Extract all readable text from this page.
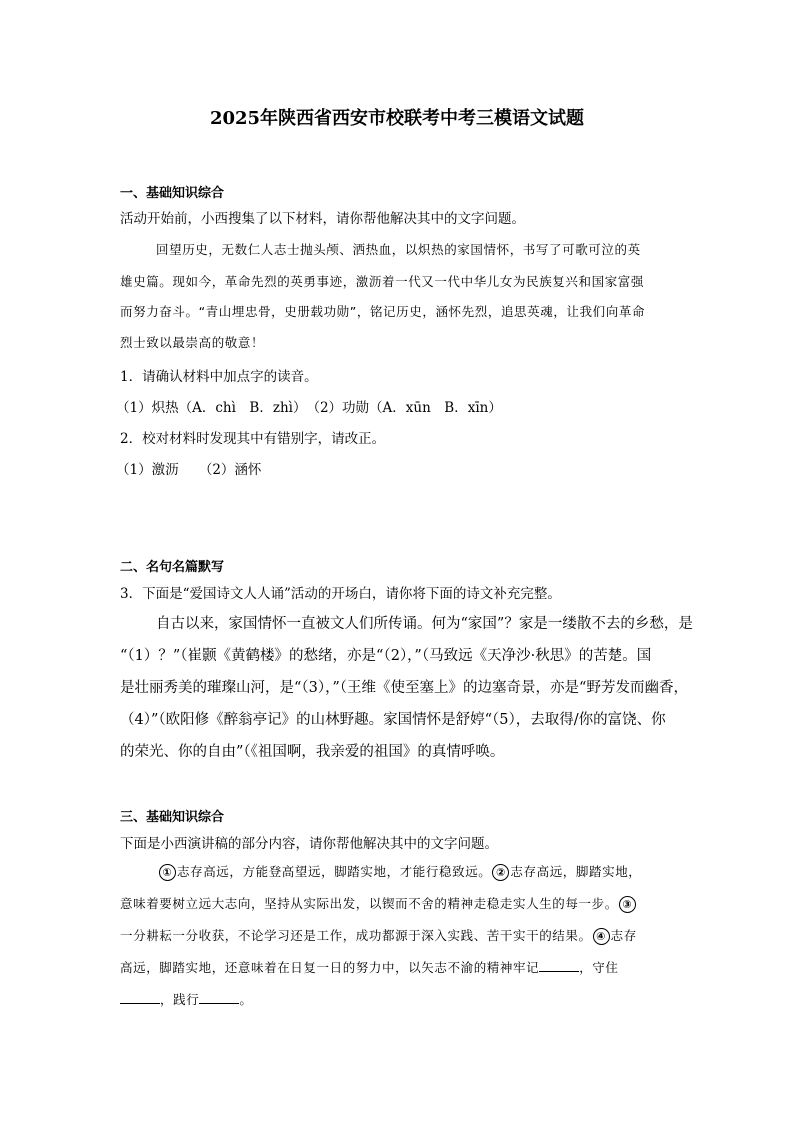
2025年陕西省西安市校联考中考三模语文试题
一、基础知识综合
活动开始前，小西搜集了以下材料，请你帮他解决其中的文字问题。
回望历史，无数仁人志士抛头颅、洒热血，以炽热的家国情怀，书写了可歌可泣的英
雄史篇。现如今，革命先烈的英勇事迹，激沥着一代又一代中华儿女为民族复兴和国家富强
而努力奋斗。“青山埋忠骨，史册载功勋”，铭记历史，涵怀先烈，追思英魂，让我们向革命
烈士致以最崇高的敬意！
1．请确认材料中加点字的读音。
（1）炽热（A．chì　B．zhì）　（2）功勋（A．xūn　B．xīn）
2．校对材料时发现其中有错别字，请改正。
（1）激沥　　（2）涵怀
二、名句名篇默写
3．下面是“爱国诗文人人诵”活动的开场白，请你将下面的诗文补充完整。
自古以来，家国情怀一直被文人们所传诵。何为“家国”？家是一缕散不去的乡愁，是
“（1）？”（崔颢《黄鹤楼》的愁绪，亦是“（2），”（马致远《天净沙·秋思》的苦楚。国
是壮丽秀美的璀璨山河，是“（3），”（王维《使至塞上》的边塞奇景，亦是“野芳发而幽香，
（4）”（欧阳修《醉翁亭记》的山林野趣。家国情怀是舒婷“（5），去取得/你的富饶、你
的荣光、你的自由”（《祖国啊，我亲爱的祖国》的真情呼唤。
三、基础知识综合
下面是小西演讲稿的部分内容，请你帮他解决其中的文字问题。
① 志存高远，方能登高望远，脚踏实地，才能行稳致远。 ② 志存高远，脚踏实地，
意味着要树立远大志向，坚持从实际出发，以锲而不舍的精神走稳走实人生的每一步。 ③
一分耕耘一分收获，不论学习还是工作，成功都源于深入实践、苦干实干的结果。 ④ 志存
高远，脚踏实地，还意味着在日复一日的努力中，以矢志不渝的精神牢记	，守住
，践行	。
